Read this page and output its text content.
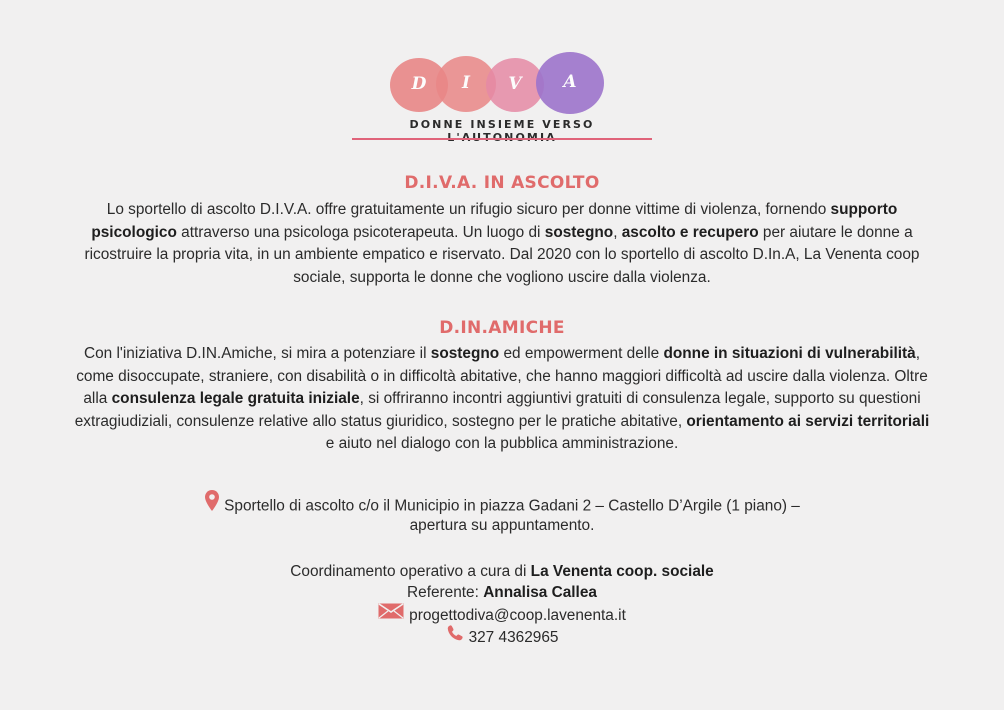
D	I	V	A
DONNE INSIEME VERSO
D.I.V.A. IN ASCOLTO
Lo sportello di ascolto D.I.V.A. offre gratuitamente un rifugio sicuro per donne vittime di violenza, fornendo supporto psicologico attraverso una psicologa psicoterapeuta. Un luogo di sostegno, ascolto e recupero per aiutare le donne a ricostruire la propria vita, in un ambiente empatico e riservato. Dal 2020 con lo sportello di ascolto D.In.A, La Venenta coop sociale, supporta le donne che vogliono uscire dalla violenza.
D.IN.AMICHE
Con l'iniziativa D.IN.Amiche, si mira a potenziare il sostegno ed empowerment delle donne in situazioni di vulnerabilità, come disoccupate, straniere, con disabilità o in difficoltà abitative, che hanno maggiori difficoltà ad uscire dalla violenza. Oltre alla consulenza legale gratuita iniziale, si offriranno incontri aggiuntivi gratuiti di consulenza legale, supporto su questioni extragiudiziali, consulenze relative allo status giuridico, sostegno per le pratiche abitative, orientamento ai servizi territoriali e aiuto nel dialogo con la pubblica amministrazione.
Sportello di ascolto c/o il Municipio in piazza Gadani 2 – Castello D’Argile (1 piano) –
apertura su appuntamento.
Coordinamento operativo a cura di La Venenta coop. sociale
Referente: Annalisa Callea
progettodiva@coop.lavenenta.it
327 4362965
